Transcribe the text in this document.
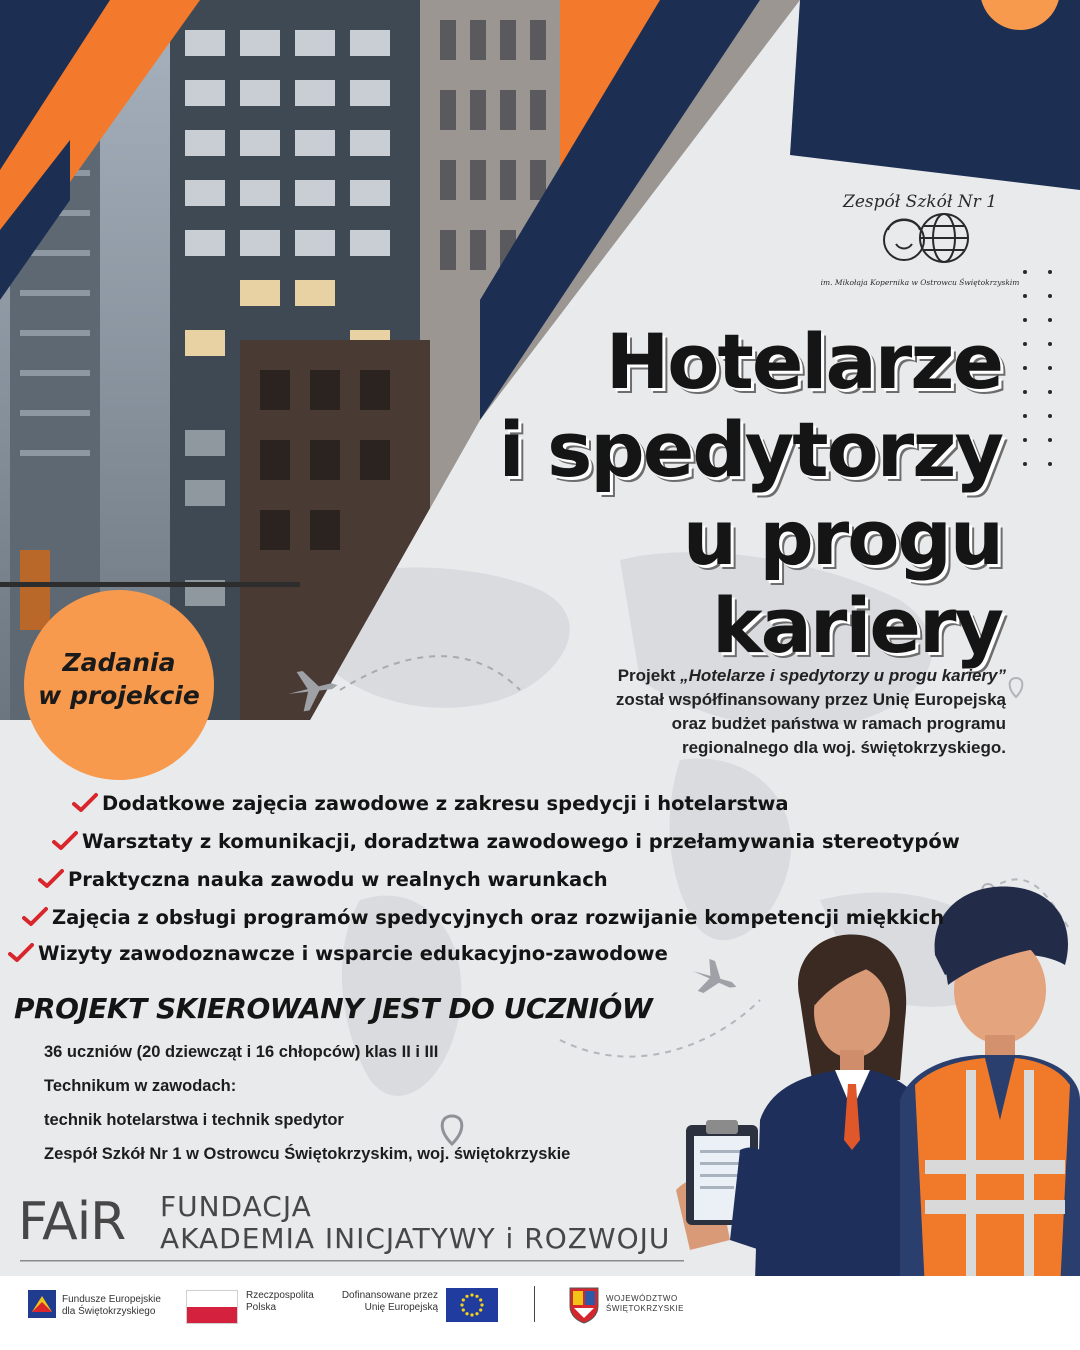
Zespół Szkół Nr 1
im. Mikołaja Kopernika w Ostrowcu Świętokrzyskim
Hotelarze
i spedytorzy
u progu
kariery
Projekt „Hotelarze i spedytorzy u progu kariery”
został współfinansowany przez Unię Europejską
oraz budżet państwa w ramach programu
regionalnego dla woj. świętokrzyskiego.
Zadania
w projekcie
Dodatkowe zajęcia zawodowe z zakresu spedycji i hotelarstwa
Warsztaty z komunikacji, doradztwa zawodowego i przełamywania stereotypów
Praktyczna nauka zawodu w realnych warunkach
Zajęcia z obsługi programów spedycyjnych oraz rozwijanie kompetencji miękkich
Wizyty zawodoznawcze i wsparcie edukacyjno-zawodowe
PROJEKT SKIEROWANY JEST DO UCZNIÓW
36 uczniów (20 dziewcząt i 16 chłopców) klas II i III
Technikum w zawodach:
technik hotelarstwa i technik spedytor
Zespół Szkół Nr 1 w Ostrowcu Świętokrzyskim, woj. świętokrzyskie
FAiR FUNDACJA
AKADEMIA INICJATYWY i ROZWOJU
Fundusze Europejskie
dla Świętokrzyskiego
Rzeczpospolita
Polska
Dofinansowane przez
Unię Europejską
WOJEWÓDZTWO
ŚWIĘTOKRZYSKIE
